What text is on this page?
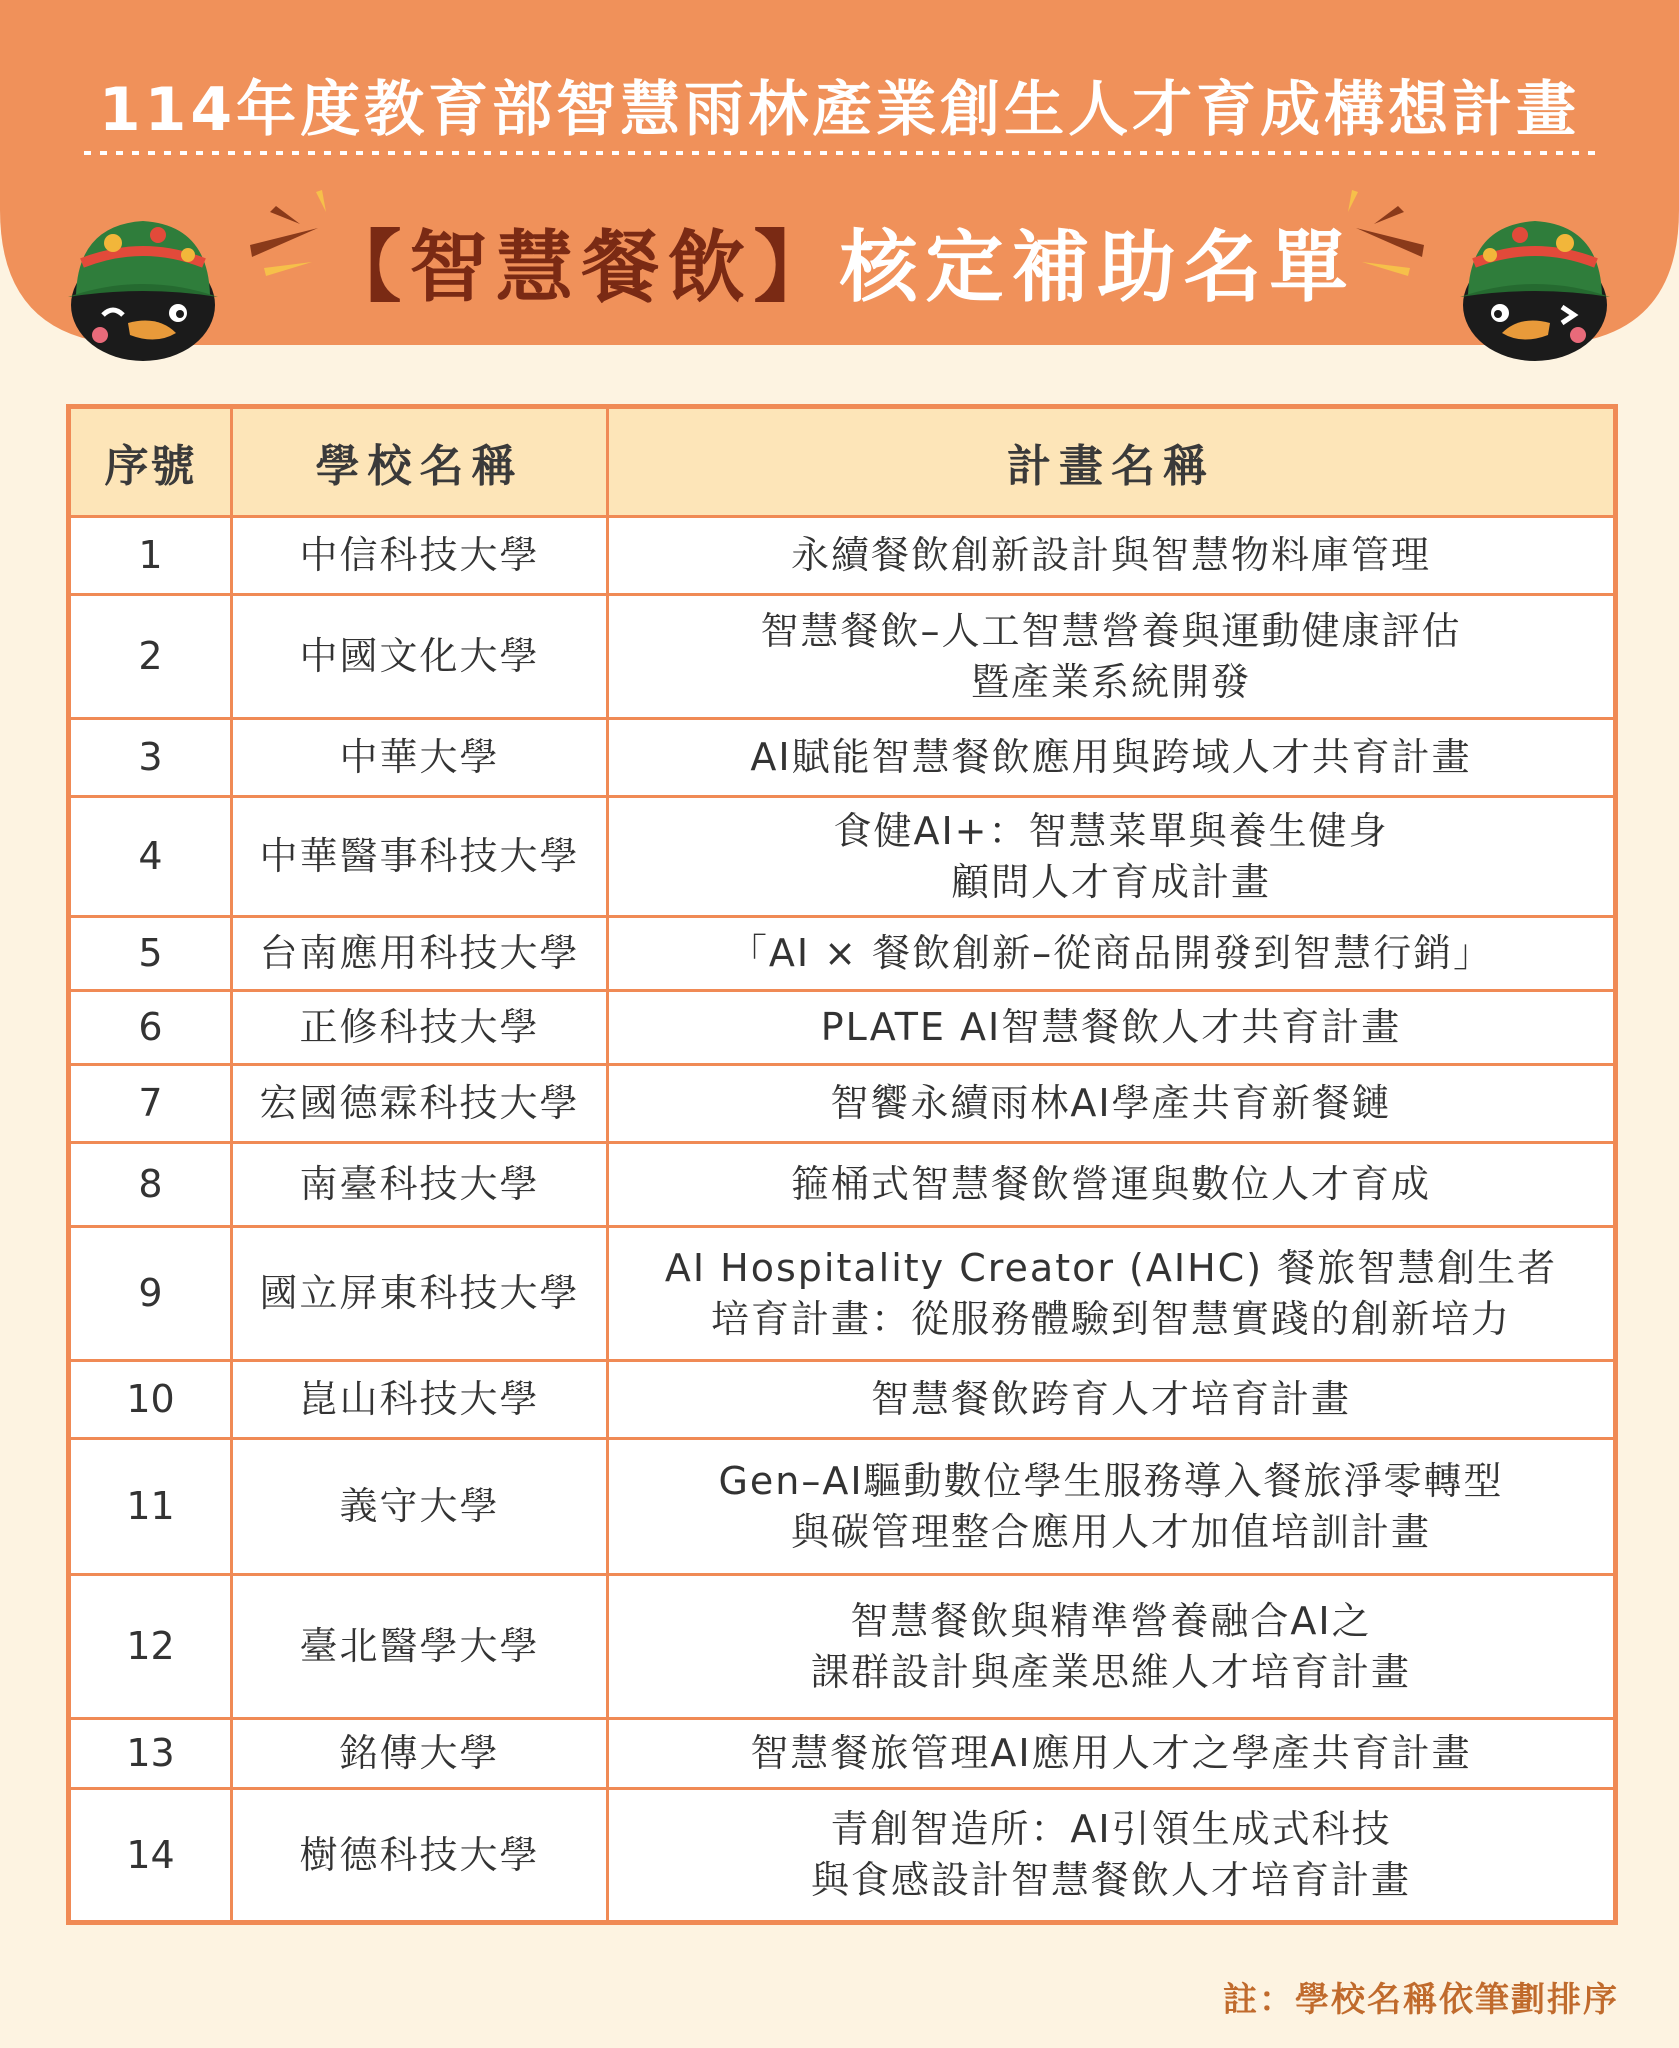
114年度教育部智慧雨林產業創生人才育成構想計畫
【智慧餐飲】核定補助名單
序號	學校名稱	計畫名稱
1	中信科技大學	永續餐飲創新設計與智慧物料庫管理

2	中國文化大學	智慧餐飲–人工智慧營養與運動健康評估
暨產業系統開發

3	中華大學	AI賦能智慧餐飲應用與跨域人才共育計畫

4	中華醫事科技大學	食健AI+：智慧菜單與養生健身
顧問人才育成計畫

5	台南應用科技大學	「AI × 餐飲創新–從商品開發到智慧行銷」

6	正修科技大學	PLATE AI智慧餐飲人才共育計畫

7	宏國德霖科技大學	智饗永續雨林AI學產共育新餐鏈

8	南臺科技大學	箍桶式智慧餐飲營運與數位人才育成

9	國立屏東科技大學	AI Hospitality Creator (AIHC) 餐旅智慧創生者
培育計畫：從服務體驗到智慧實踐的創新培力

10	崑山科技大學	智慧餐飲跨育人才培育計畫

11	義守大學	Gen–AI驅動數位學生服務導入餐旅淨零轉型
與碳管理整合應用人才加值培訓計畫

12	臺北醫學大學	智慧餐飲與精準營養融合AI之
課群設計與產業思維人才培育計畫

13	銘傳大學	智慧餐旅管理AI應用人才之學產共育計畫

14	樹德科技大學	青創智造所：AI引領生成式科技
與食感設計智慧餐飲人才培育計畫
註：學校名稱依筆劃排序
